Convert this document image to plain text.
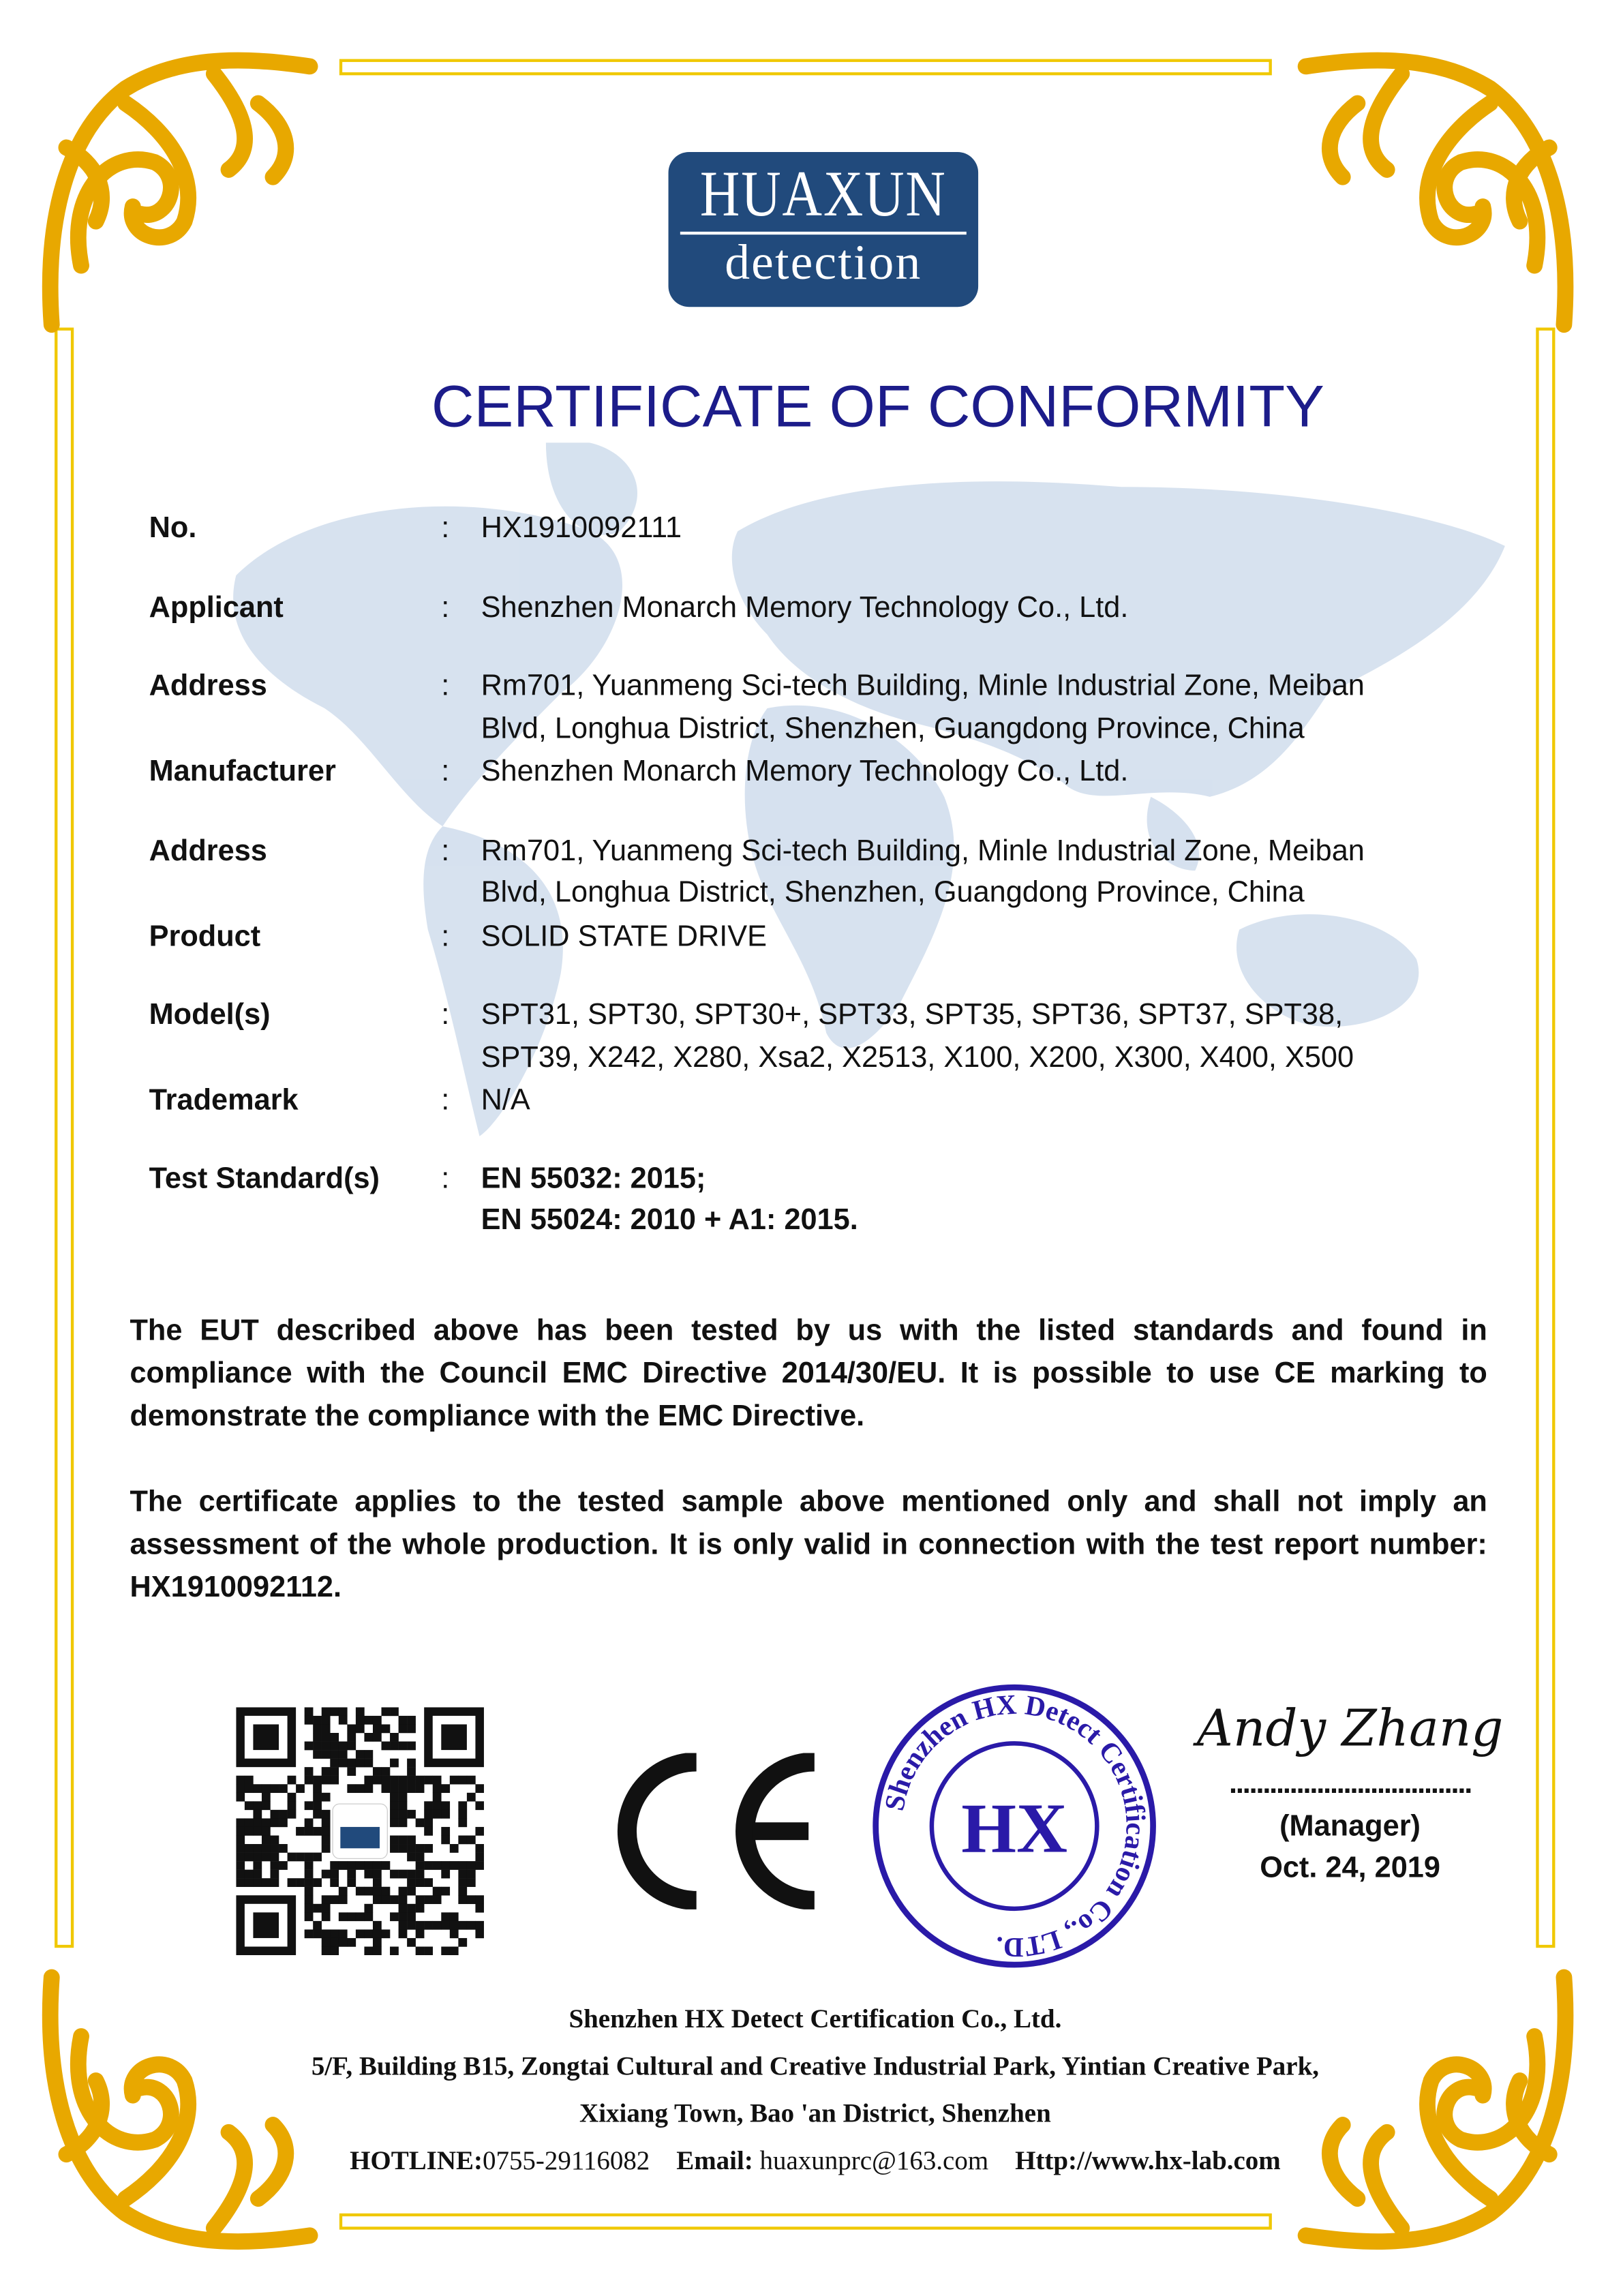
HUAXUN
detection
CERTIFICATE OF CONFORMITY
No.	:	HX1910092111
Applicant	:	Shenzhen Monarch Memory Technology Co., Ltd.
Address	:	Rm701, Yuanmeng Sci-tech Building, Minle Industrial Zone, Meiban
Blvd, Longhua District, Shenzhen, Guangdong Province, China
Manufacturer	:	Shenzhen Monarch Memory Technology Co., Ltd.
Address	:	Rm701, Yuanmeng Sci-tech Building, Minle Industrial Zone, Meiban
Blvd, Longhua District, Shenzhen, Guangdong Province, China
Product	:	SOLID STATE DRIVE
Model(s)	:	SPT31, SPT30, SPT30+, SPT33, SPT35, SPT36, SPT37, SPT38,
SPT39, X242, X280, Xsa2, X2513, X100, X200, X300, X400, X500
Trademark	:	N/A
Test Standard(s)	:	EN 55032: 2015;
EN 55024: 2010 + A1: 2015.
The EUT described above has been tested by us with the listed standards and found in compliance with the Council EMC Directive 2014/30/EU. It is possible to use CE marking to demonstrate the compliance with the EMC Directive.
The certificate applies to the tested sample above mentioned only and shall not imply an assessment of the whole production. It is only valid in connection with the test report number: HX1910092112.
Shenzhen HX Detect Certification Co., LTD.
HX
Andy Zhang
....................................
(Manager)
Oct. 24, 2019
Shenzhen HX Detect Certification Co., Ltd.
5/F, Building B15, Zongtai Cultural and Creative Industrial Park, Yintian Creative Park,
Xixiang Town, Bao 'an District, Shenzhen
HOTLINE:0755-29116082 Email: huaxunprc@163.com Http://www.hx-lab.com
